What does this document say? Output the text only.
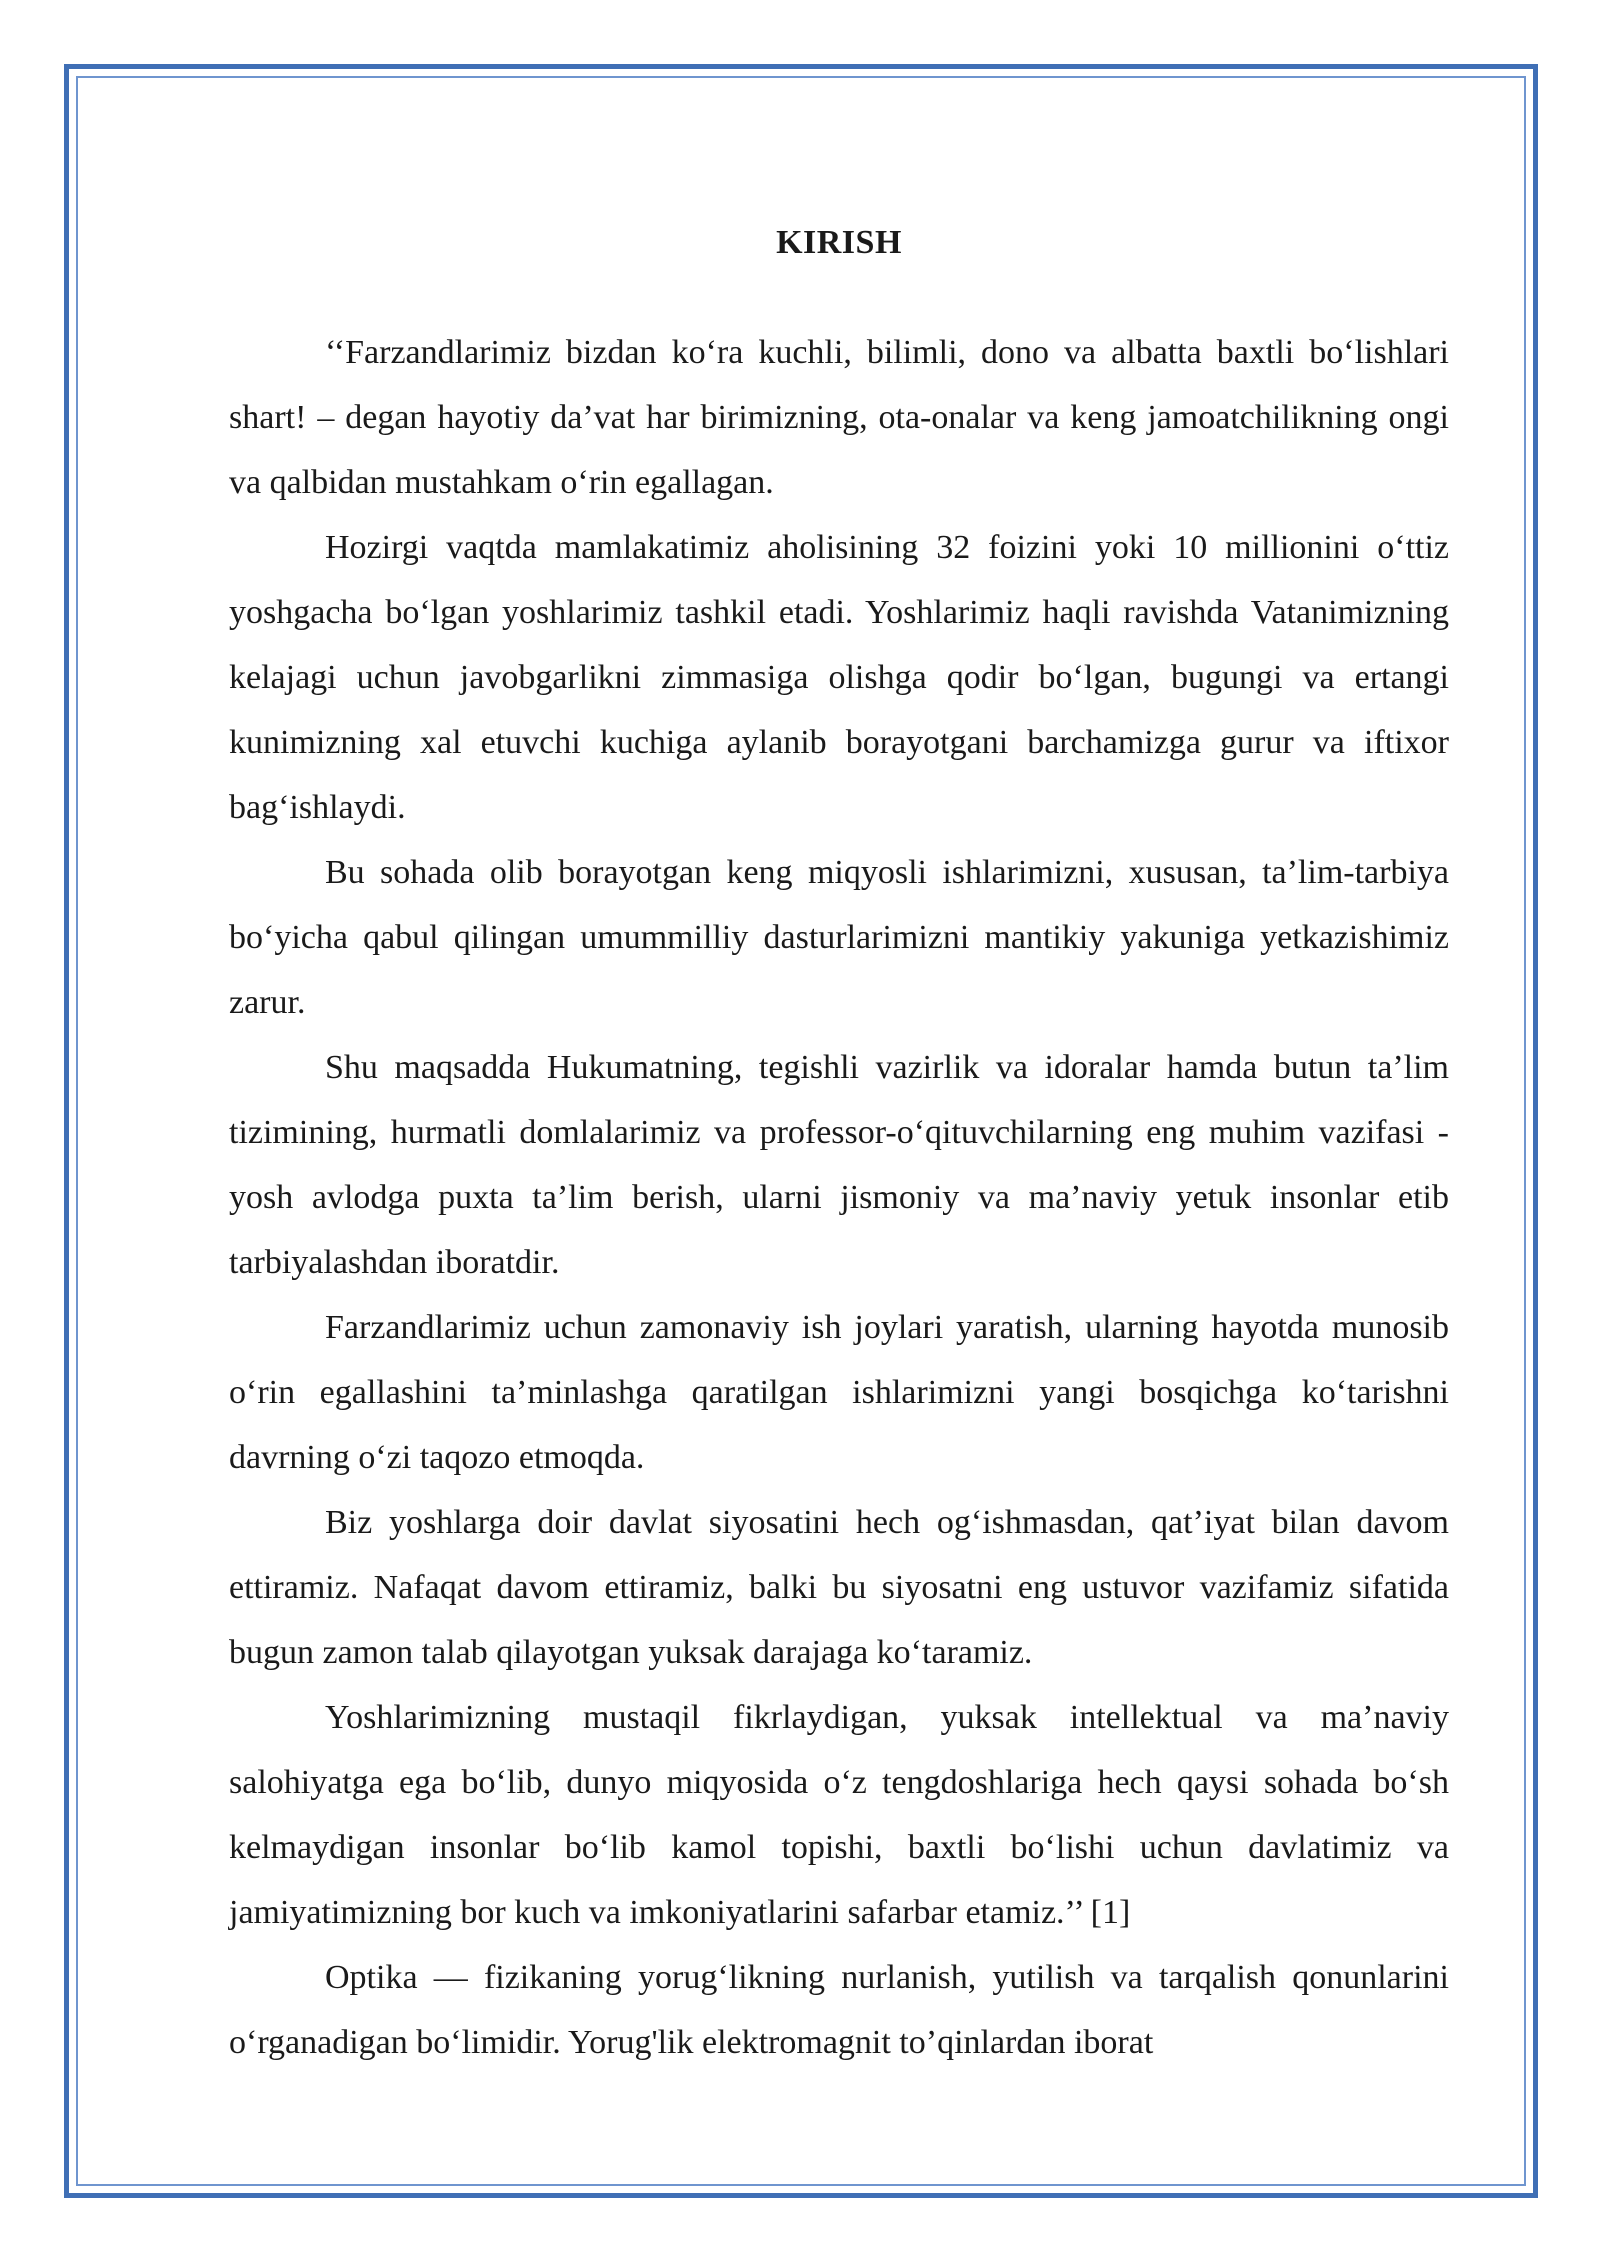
KIRISH

‘‘Farzandlarimiz bizdan ko‘ra kuchli, bilimli, dono va albatta baxtli bo‘lishlari shart! – degan hayotiy da’vat har birimizning, ota-onalar va keng jamoatchilikning ongi va qalbidan mustahkam o‘rin egallagan.

Hozirgi vaqtda mamlakatimiz aholisining 32 foizini yoki 10 millionini o‘ttiz yoshgacha bo‘lgan yoshlarimiz tashkil etadi. Yoshlarimiz haqli ravishda Vatanimizning kelajagi uchun javobgarlikni zimmasiga olishga qodir bo‘lgan, bugungi va ertangi kunimizning xal etuvchi kuchiga aylanib borayotgani barchamizga gurur va iftixor bag‘ishlaydi.

Bu sohada olib borayotgan keng miqyosli ishlarimizni, xususan, ta’lim-tarbiya bo‘yicha qabul qilingan umummilliy dasturlarimizni mantikiy yakuniga yetkazishimiz zarur.

Shu maqsadda Hukumatning, tegishli vazirlik va idoralar hamda butun ta’lim tizimining, hurmatli domlalarimiz va professor-o‘qituvchilarning eng muhim vazifasi - yosh avlodga puxta ta’lim berish, ularni jismoniy va ma’naviy yetuk insonlar etib tarbiyalashdan iboratdir.

Farzandlarimiz uchun zamonaviy ish joylari yaratish, ularning hayotda munosib o‘rin egallashini ta’minlashga qaratilgan ishlarimizni yangi bosqichga ko‘tarishni davrning o‘zi taqozo etmoqda.

Biz yoshlarga doir davlat siyosatini hech og‘ishmasdan, qat’iyat bilan davom ettiramiz. Nafaqat davom ettiramiz, balki bu siyosatni eng ustuvor vazifamiz sifatida bugun zamon talab qilayotgan yuksak darajaga ko‘taramiz.

Yoshlarimizning mustaqil fikrlaydigan, yuksak intellektual va ma’naviy salohiyatga ega bo‘lib, dunyo miqyosida o‘z tengdoshlariga hech qaysi sohada bo‘sh kelmaydigan insonlar bo‘lib kamol topishi, baxtli bo‘lishi uchun davlatimiz va jamiyatimizning bor kuch va imkoniyatlarini safarbar etamiz.’’ [1]

Optika — fizikaning yorug‘likning nurlanish, yutilish va tarqalish qonunlarini o‘rganadigan bo‘limidir. Yorug'lik elektromagnit to’qinlardan iborat
